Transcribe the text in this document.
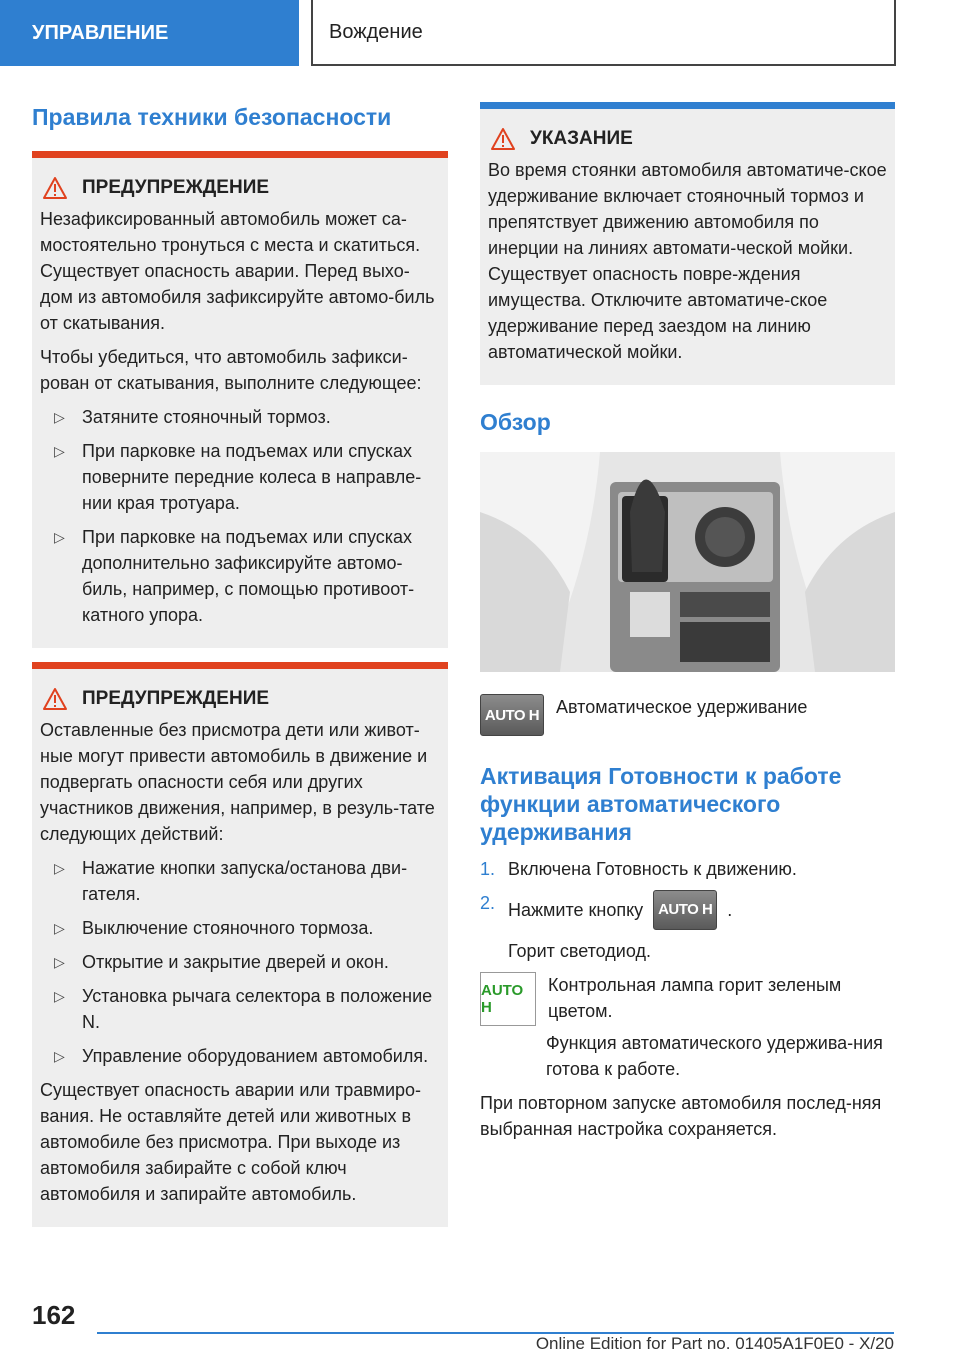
УПРАВЛЕНИЕ	Вождение
Правила техники безопасности
ПРЕДУПРЕЖДЕНИЕ

Незафиксированный автомобиль может са-мостоятельно тронуться с места и скатиться. Существует опасность аварии. Перед выхо-дом из автомобиля зафиксируйте автомо-биль от скатывания.

Чтобы убедиться, что автомобиль зафикси-рован от скатывания, выполните следующее:

▷ Затяните стояночный тормоз.
▷ При парковке на подъемах или спусках поверните передние колеса в направле-нии края тротуара.
▷ При парковке на подъемах или спусках дополнительно зафиксируйте автомо-биль, например, с помощью противоот-катного упора.
ПРЕДУПРЕЖДЕНИЕ

Оставленные без присмотра дети или живот-ные могут привести автомобиль в движение и подвергать опасности себя или других участников движения, например, в резуль-тате следующих действий:

▷ Нажатие кнопки запуска/останова дви-гателя.
▷ Выключение стояночного тормоза.
▷ Открытие и закрытие дверей и окон.
▷ Установка рычага селектора в положение N.
▷ Управление оборудованием автомобиля.

Существует опасность аварии или травмиро-вания. Не оставляйте детей или животных в автомобиле без присмотра. При выходе из автомобиля забирайте с собой ключ автомобиля и запирайте автомобиль.

УКАЗАНИЕ

Во время стоянки автомобиля автоматиче-ское удерживание включает стояночный тормоз и препятствует движению автомобиля по инерции на линиях автомати-ческой мойки. Существует опасность повре-ждения имущества. Отключите автоматиче-ское удерживание перед заездом на линию автоматической мойки.

Обзор
AUTO H Автоматическое удерживание
Активация Готовности к работе функции автоматического удерживания
1. Включена Готовность к движению.
2. Нажмите кнопку AUTO H .

Горит светодиод.

AUTO H

Контрольная лампа горит зеленым цветом.

Функция автоматического удержива-ния готова к работе.

При повторном запуске автомобиля послед-няя выбранная настройка сохраняется.

162
Online Edition for Part no. 01405A1F0E0 - X/20
